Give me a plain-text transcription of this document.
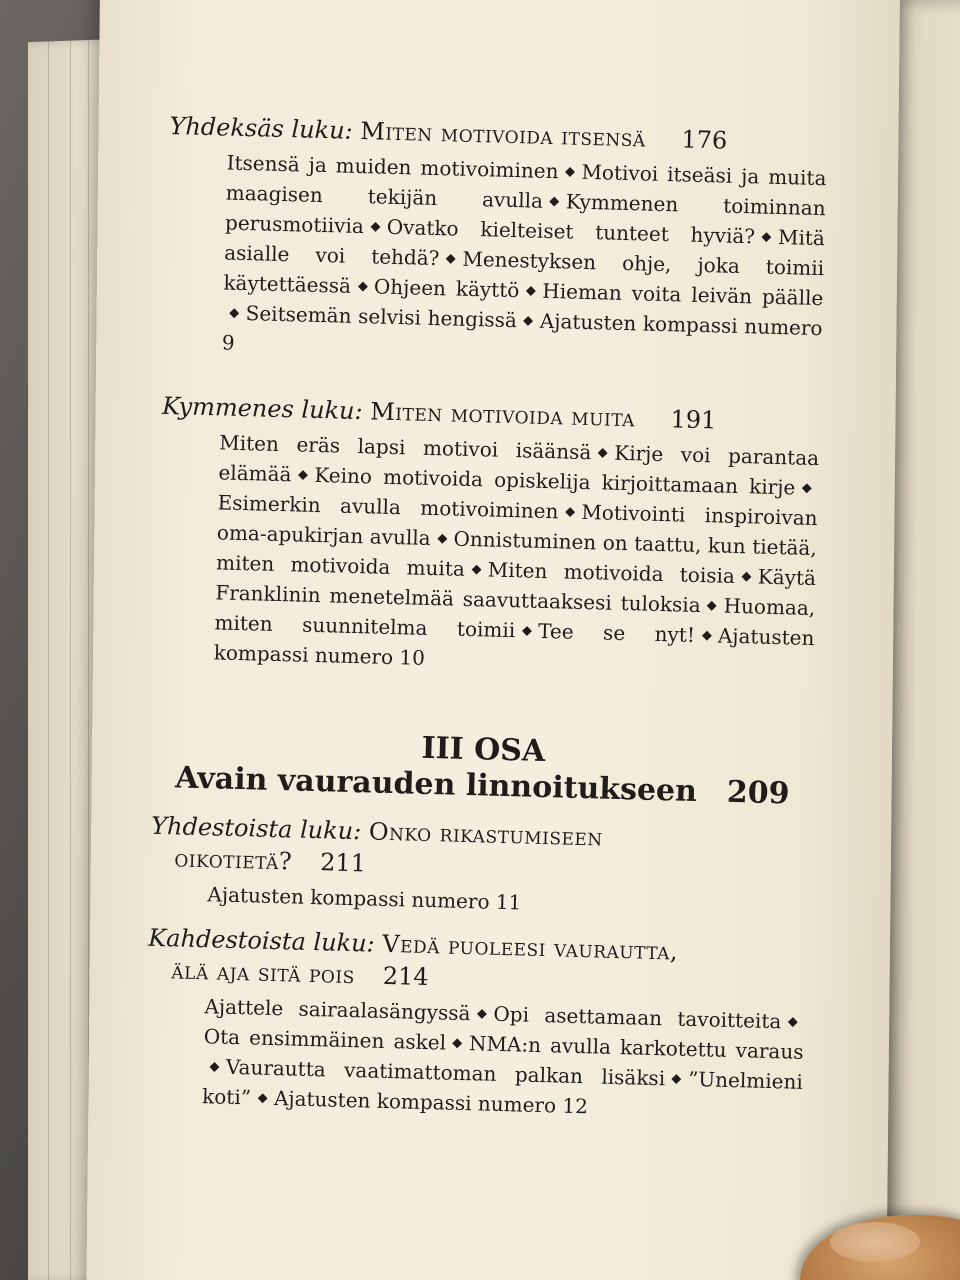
Yhdeksäs luku: Miten motivoida itsensä 176
Itsensä ja muiden motivoiminen Motivoi itseäsi ja muita maagisen tekijän avulla Kymmenen toiminnan perusmotiivia Ovatko kielteiset tunteet hyviä? Mitä asialle voi tehdä? Menestyksen ohje, joka toimii käytettäessä Ohjeen käyttö Hieman voita leivän päälleSeitsemän selvisi hengissä Ajatusten kompassi numero 9
Kymmenes luku: Miten motivoida muita 191
Miten eräs lapsi motivoi isäänsä Kirje voi parantaa elämää Keino motivoida opiskelija kirjoittamaan kirjeEsimerkin avulla motivoiminen Motivointi inspiroivan oma-apukirjan avulla Onnistuminen on taattu, kun tietää, miten motivoida muita Miten motivoida toisia Käytä Franklinin menetelmää saavuttaaksesi tuloksia Huomaa, miten suunnitelma toimii Tee se nyt! Ajatusten kompassi numero 10
III OSA
Avain vaurauden linnoitukseen 209
Yhdestoista luku: Onko rikastumiseen
oikotietä? 211
Ajatusten kompassi numero 11
Kahdestoista luku: Vedä puoleesi vaurautta,
älä aja sitä pois 214
Ajattele sairaalasängyssä Opi asettamaan tavoitteitaOta ensimmäinen askel NMA:n avulla karkotettu varausVaurautta vaatimattoman palkan lisäksi ”Unelmieni koti” Ajatusten kompassi numero 12
